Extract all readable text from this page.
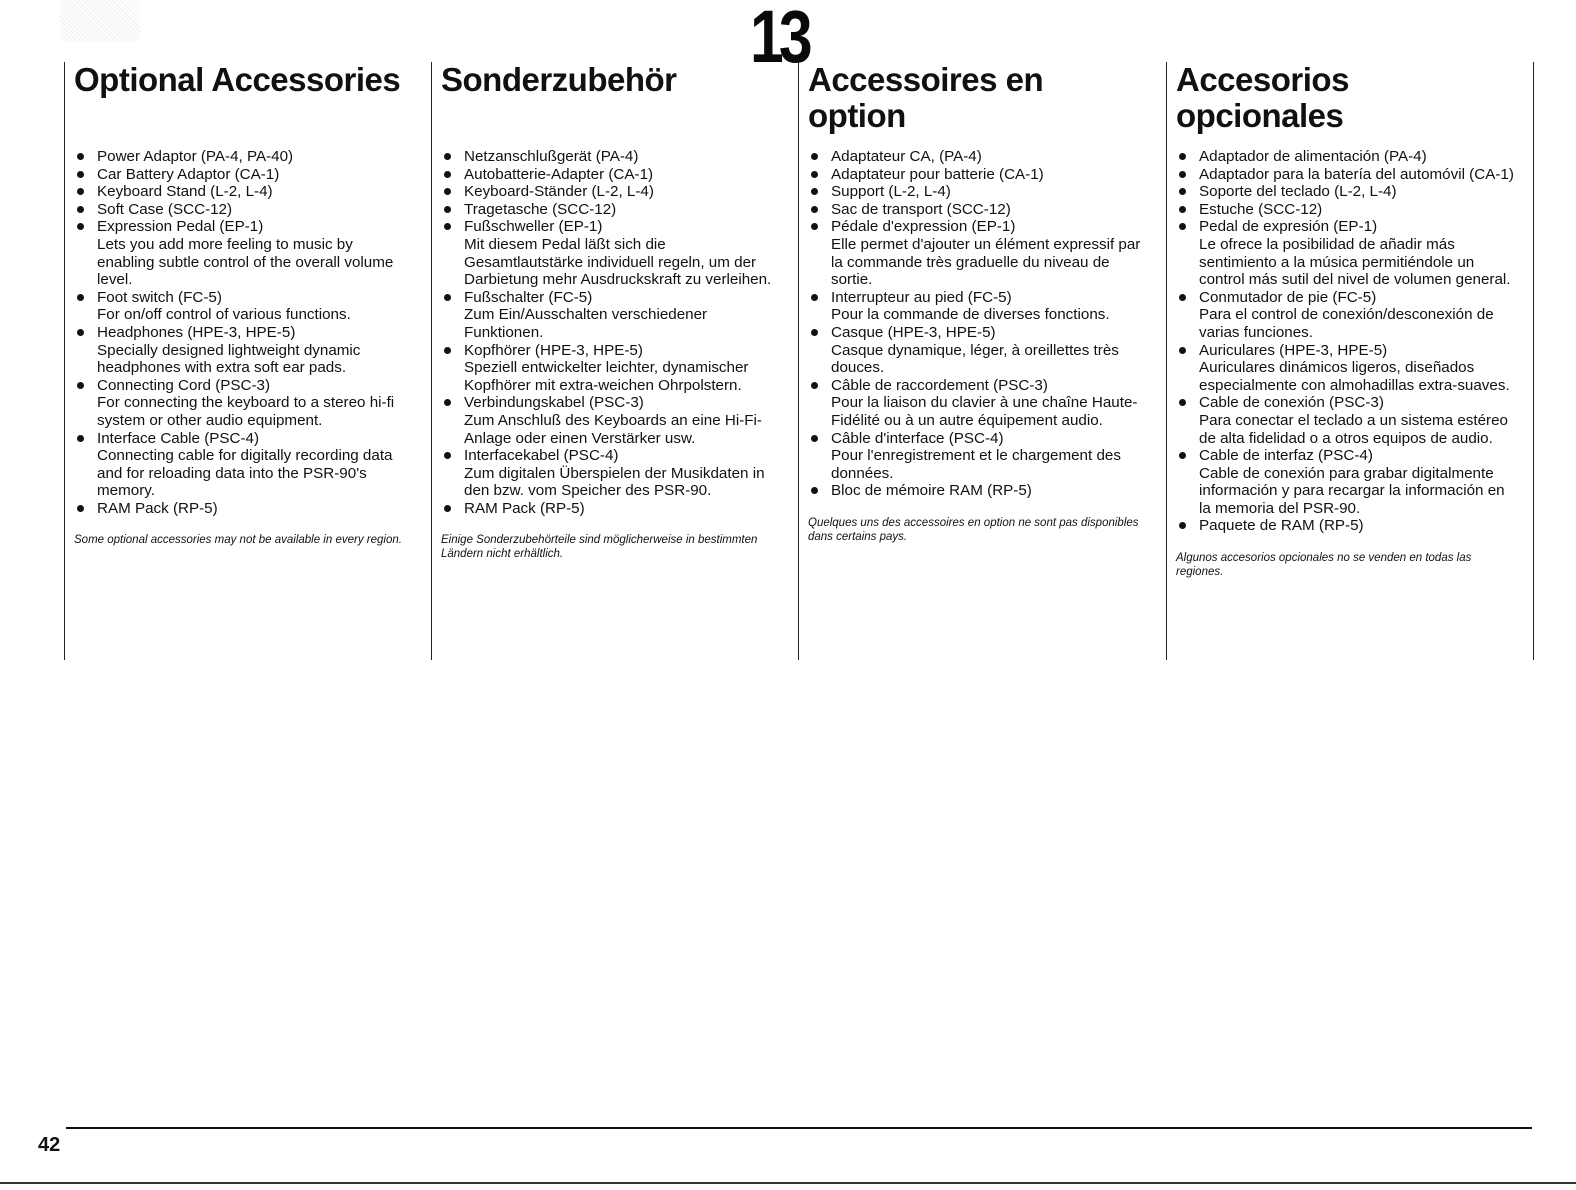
13
Optional Accessories
Power Adaptor (PA-4, PA-40)
Car Battery Adaptor (CA-1)
Keyboard Stand (L-2, L-4)
Soft Case (SCC-12)
Expression Pedal (EP-1)
Lets you add more feeling to music by enabling subtle control of the overall volume level.
Foot switch (FC-5)
For on/off control of various functions.
Headphones (HPE-3, HPE-5)
Specially designed lightweight dynamic headphones with extra soft ear pads.
Connecting Cord (PSC-3)
For connecting the keyboard to a stereo hi-fi system or other audio equipment.
Interface Cable (PSC-4)
Connecting cable for digitally recording data and for reloading data into the PSR-90's memory.
RAM Pack (RP-5)

Some optional accessories may not be available in every region.

Sonderzubehör
Netzanschlußgerät (PA-4)
Autobatterie-Adapter (CA-1)
Keyboard-Ständer (L-2, L-4)
Tragetasche (SCC-12)
Fußschweller (EP-1)
Mit diesem Pedal läßt sich die Gesamtlautstärke individuell regeln, um der Darbietung mehr Ausdruckskraft zu verleihen.
Fußschalter (FC-5)
Zum Ein/Ausschalten verschiedener Funktionen.
Kopfhörer (HPE-3, HPE-5)
Speziell entwickelter leichter, dynamischer Kopfhörer mit extra-weichen Ohrpolstern.
Verbindungskabel (PSC-3)
Zum Anschluß des Keyboards an eine Hi-Fi-Anlage oder einen Verstärker usw.
Interfacekabel (PSC-4)
Zum digitalen Überspielen der Musikdaten in den bzw. vom Speicher des PSR-90.
RAM Pack (RP-5)

Einige Sonderzubehörteile sind möglicherweise in bestimmten Ländern nicht erhältlich.

Accessoires en option
Adaptateur CA, (PA-4)
Adaptateur pour batterie (CA-1)
Support (L-2, L-4)
Sac de transport (SCC-12)
Pédale d'expression (EP-1)
Elle permet d'ajouter un élément expressif par la commande très graduelle du niveau de sortie.
Interrupteur au pied (FC-5)
Pour la commande de diverses fonctions.
Casque (HPE-3, HPE-5)
Casque dynamique, léger, à oreillettes très douces.
Câble de raccordement (PSC-3)
Pour la liaison du clavier à une chaîne Haute-Fidélité ou à un autre équipement audio.
Câble d'interface (PSC-4)
Pour l'enregistrement et le chargement des données.
Bloc de mémoire RAM (RP-5)

Quelques uns des accessoires en option ne sont pas disponibles dans certains pays.

Accesorios opcionales
Adaptador de alimentación (PA-4)
Adaptador para la batería del automóvil (CA-1)
Soporte del teclado (L-2, L-4)
Estuche (SCC-12)
Pedal de expresión (EP-1)
Le ofrece la posibilidad de añadir más sentimiento a la música permitiéndole un control más sutil del nivel de volumen general.
Conmutador de pie (FC-5)
Para el control de conexión/desconexión de varias funciones.
Auriculares (HPE-3, HPE-5)
Auriculares dinámicos ligeros, diseñados especialmente con almohadillas extra-suaves.
Cable de conexión (PSC-3)
Para conectar el teclado a un sistema estéreo de alta fidelidad o a otros equipos de audio.
Cable de interfaz (PSC-4)
Cable de conexión para grabar digitalmente información y para recargar la información en la memoria del PSR-90.
Paquete de RAM (RP-5)

Algunos accesorios opcionales no se venden en todas las regiones.

42
